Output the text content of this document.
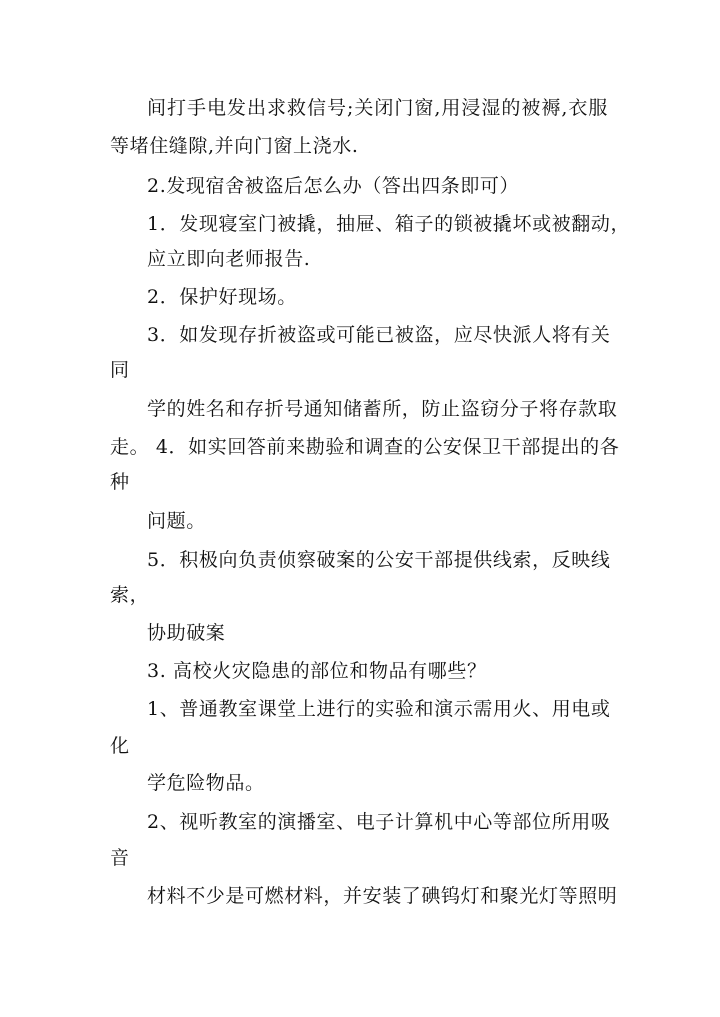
间打手电发出求救信号;关闭门窗,用浸湿的被褥,衣服
等堵住缝隙,并向门窗上浇水.
2.发现宿舍被盗后怎么办（答出四条即可）
1．发现寝室门被撬，抽屉、箱子的锁被撬坏或被翻动，
应立即向老师报告.
2．保护好现场。
3．如发现存折被盗或可能已被盗，应尽快派人将有关
同
学的姓名和存折号通知储蓄所，防止盗窃分子将存款取
走。 4．如实回答前来勘验和调查的公安保卫干部提出的各
种
问题。
5．积极向负责侦察破案的公安干部提供线索，反映线
索，
协助破案
3. 高校火灾隐患的部位和物品有哪些？
1、普通教室课堂上进行的实验和演示需用火、用电或
化
学危险物品。
2、视听教室的演播室、电子计算机中心等部位所用吸
音
材料不少是可燃材料，并安装了碘钨灯和聚光灯等照明
